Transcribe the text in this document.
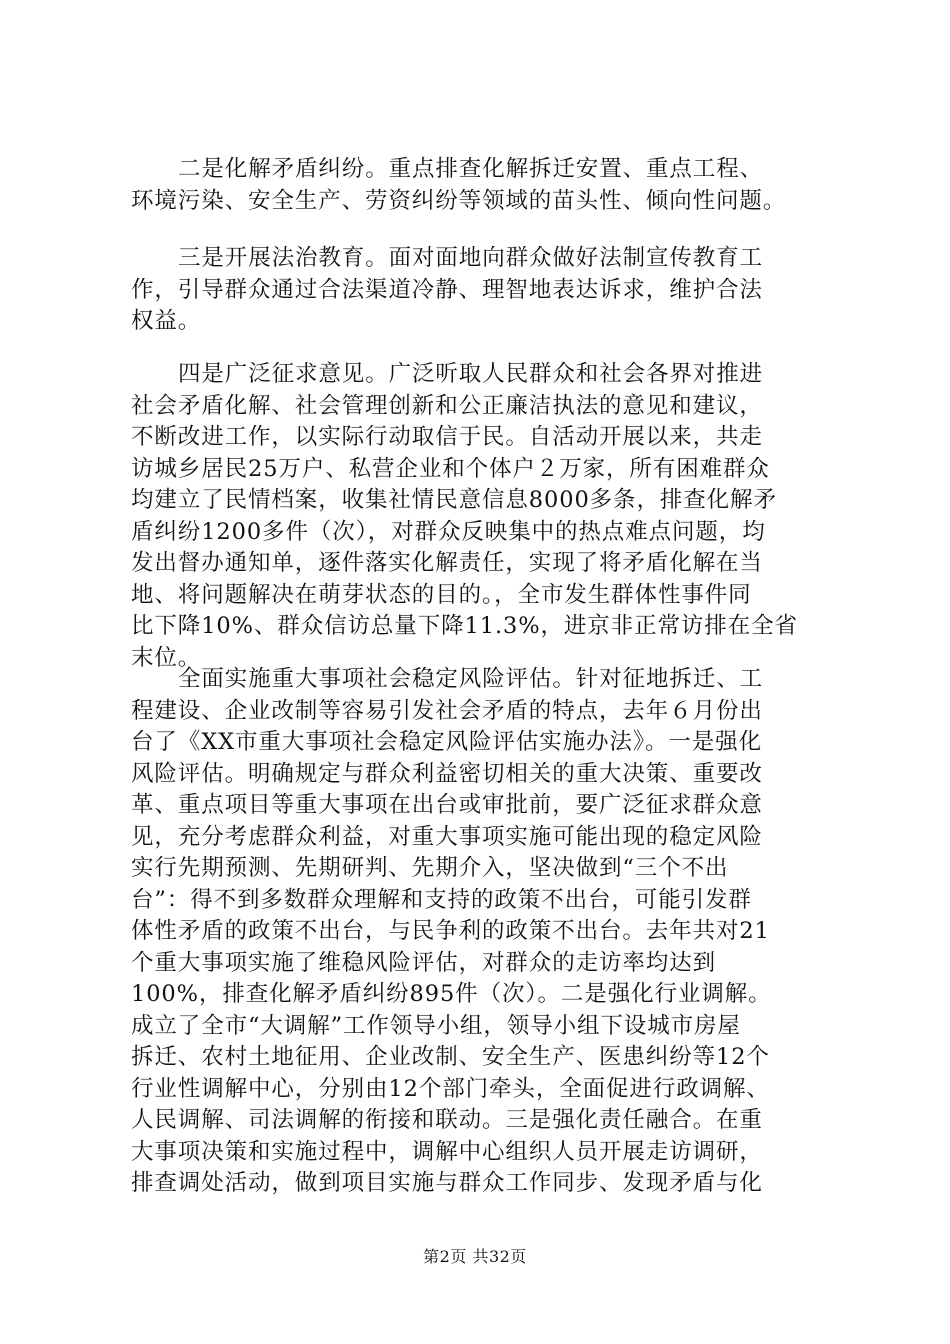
二是化解矛盾纠纷。重点排查化解拆迁安置、重点工程、
环境污染、安全生产、劳资纠纷等领域的苗头性、倾向性问题。

三是开展法治教育。面对面地向群众做好法制宣传教育工
作，引导群众通过合法渠道冷静、理智地表达诉求，维护合法
权益。

四是广泛征求意见。广泛听取人民群众和社会各界对推进
社会矛盾化解、社会管理创新和公正廉洁执法的意见和建议，
不断改进工作，以实际行动取信于民。自活动开展以来，共走
访城乡居民25万户、私营企业和个体户２万家，所有困难群众
均建立了民情档案，收集社情民意信息8000多条，排查化解矛
盾纠纷1200多件（次），对群众反映集中的热点难点问题，均
发出督办通知单，逐件落实化解责任，实现了将矛盾化解在当
地、将问题解决在萌芽状态的目的。，全市发生群体性事件同
比下降10%、群众信访总量下降11.3%，进京非正常访排在全省
末位。

全面实施重大事项社会稳定风险评估。针对征地拆迁、工
程建设、企业改制等容易引发社会矛盾的特点，去年６月份出
台了《XX市重大事项社会稳定风险评估实施办法》。一是强化
风险评估。明确规定与群众利益密切相关的重大决策、重要改
革、重点项目等重大事项在出台或审批前，要广泛征求群众意
见，充分考虑群众利益，对重大事项实施可能出现的稳定风险
实行先期预测、先期研判、先期介入，坚决做到“三个不出
台”：得不到多数群众理解和支持的政策不出台，可能引发群
体性矛盾的政策不出台，与民争利的政策不出台。去年共对21
个重大事项实施了维稳风险评估，对群众的走访率均达到
100%，排查化解矛盾纠纷895件（次）。二是强化行业调解。
成立了全市“大调解”工作领导小组，领导小组下设城市房屋
拆迁、农村土地征用、企业改制、安全生产、医患纠纷等12个
行业性调解中心，分别由12个部门牵头，全面促进行政调解、
人民调解、司法调解的衔接和联动。三是强化责任融合。在重
大事项决策和实施过程中，调解中心组织人员开展走访调研，
排查调处活动，做到项目实施与群众工作同步、发现矛盾与化

第2页 共32页
